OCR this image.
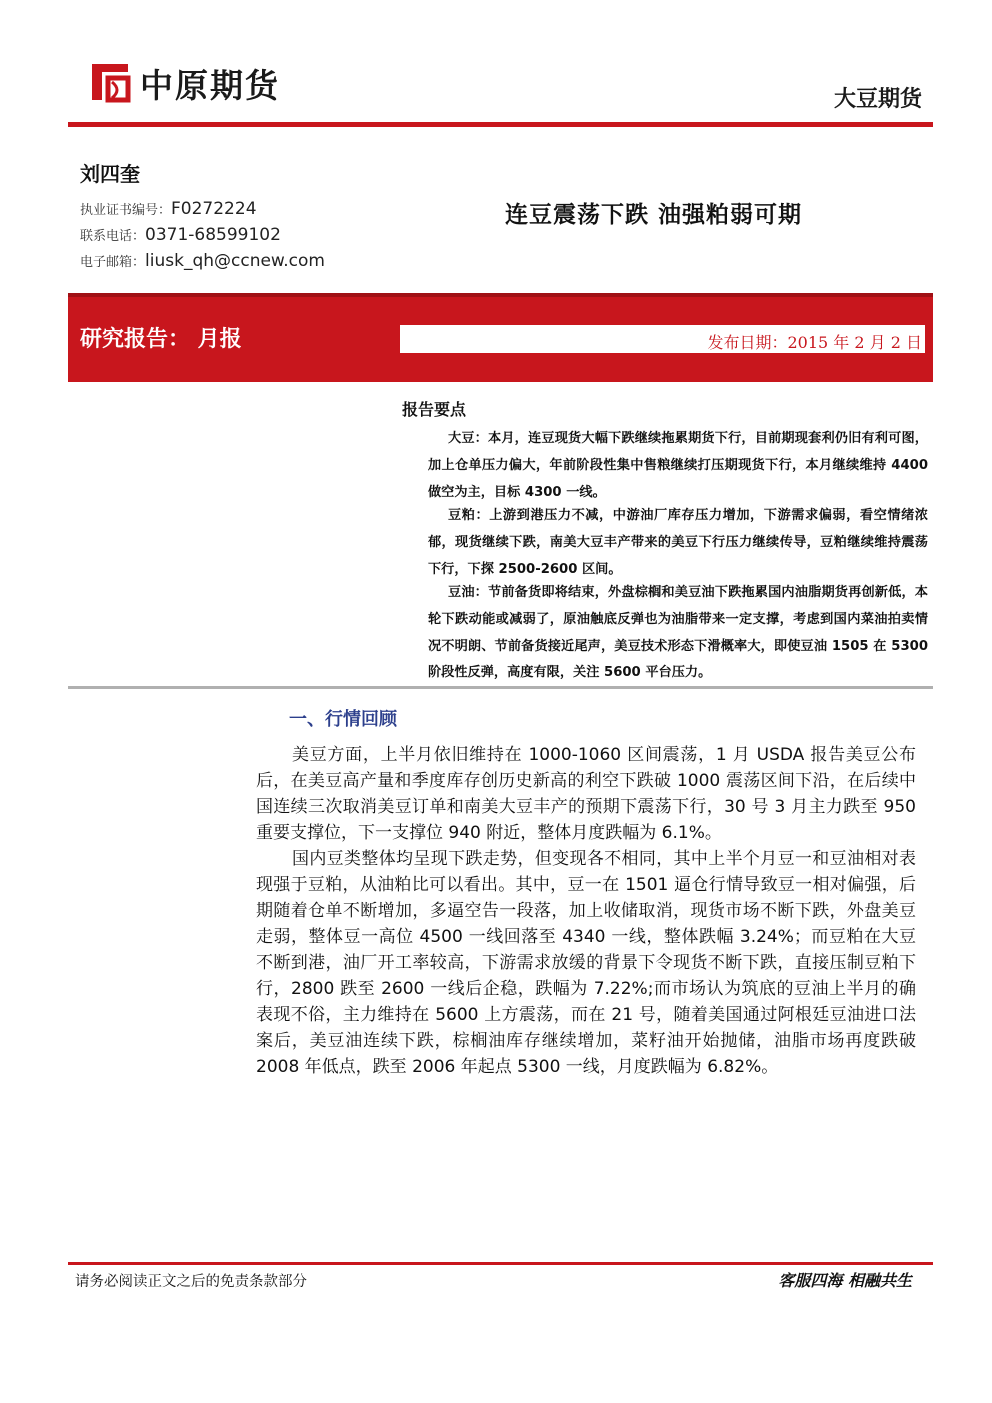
中原期货	大豆期货
刘四奎
执业证书编号：F0272224
联系电话：0371-68599102
电子邮箱：liusk_qh@ccnew.com
连豆震荡下跌 油强粕弱可期
研究报告： 月报	发布日期：2015 年 2 月 2 日
报告要点
大豆：本月，连豆现货大幅下跌继续拖累期货下行，目前期现套利仍旧有利可图，加上仓单压力偏大，年前阶段性集中售粮继续打压期现货下行，本月继续维持 4400 做空为主，目标 4300 一线。
豆粕：上游到港压力不减，中游油厂库存压力增加，下游需求偏弱，看空情绪浓郁，现货继续下跌，南美大豆丰产带来的美豆下行压力继续传导，豆粕继续维持震荡下行，下探 2500-2600 区间。
豆油：节前备货即将结束，外盘棕榈和美豆油下跌拖累国内油脂期货再创新低，本轮下跌动能或减弱了，原油触底反弹也为油脂带来一定支撑，考虑到国内菜油拍卖情况不明朗、节前备货接近尾声，美豆技术形态下滑概率大，即使豆油 1505 在 5300 阶段性反弹，高度有限，关注 5600 平台压力。
一、行情回顾
美豆方面，上半月依旧维持在 1000-1060 区间震荡，1 月 USDA 报告美豆公布后，在美豆高产量和季度库存创历史新高的利空下跌破 1000 震荡区间下沿，在后续中国连续三次取消美豆订单和南美大豆丰产的预期下震荡下行，30 号 3 月主力跌至 950 重要支撑位，下一支撑位 940 附近，整体月度跌幅为 6.1%。
国内豆类整体均呈现下跌走势，但变现各不相同，其中上半个月豆一和豆油相对表现强于豆粕，从油粕比可以看出。其中，豆一在 1501 逼仓行情导致豆一相对偏强，后期随着仓单不断增加，多逼空告一段落，加上收储取消，现货市场不断下跌，外盘美豆走弱，整体豆一高位 4500 一线回落至 4340 一线，整体跌幅 3.24%；而豆粕在大豆不断到港，油厂开工率较高，下游需求放缓的背景下令现货不断下跌，直接压制豆粕下行，2800 跌至 2600 一线后企稳，跌幅为 7.22%;而市场认为筑底的豆油上半月的确表现不俗，主力维持在 5600 上方震荡，而在 21 号，随着美国通过阿根廷豆油进口法案后，美豆油连续下跌，棕榈油库存继续增加，菜籽油开始抛储，油脂市场再度跌破 2008 年低点，跌至 2006 年起点 5300 一线，月度跌幅为 6.82%。
请务必阅读正文之后的免责条款部分	客服四海 相融共生
